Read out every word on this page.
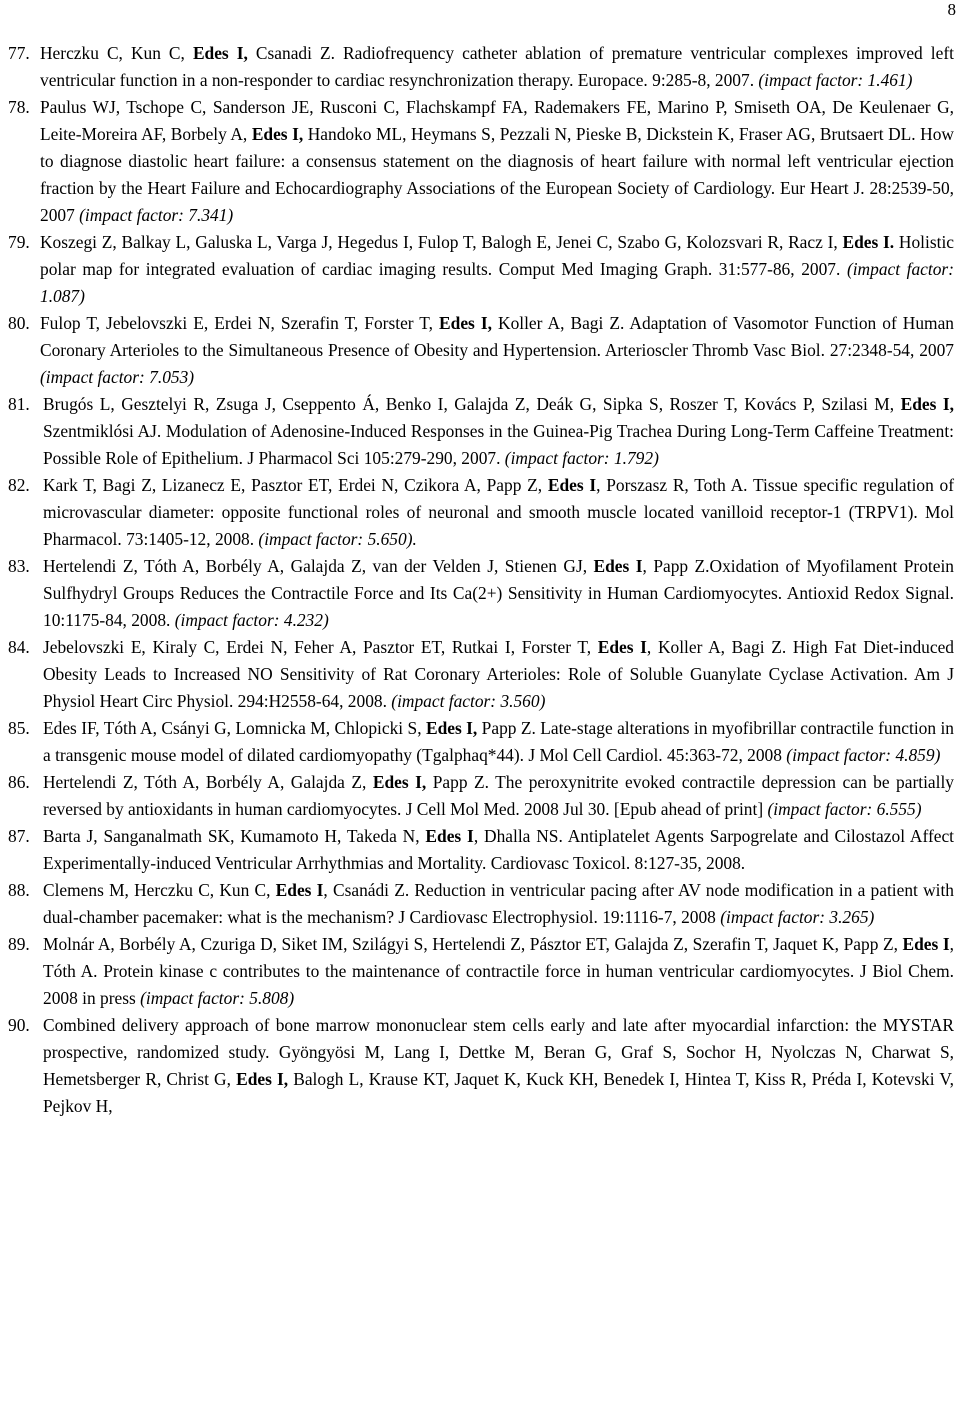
8
77. Herczku C, Kun C, Edes I, Csanadi Z. Radiofrequency catheter ablation of premature ventricular complexes improved left ventricular function in a non-responder to cardiac resynchronization therapy. Europace. 9:285-8, 2007. (impact factor: 1.461)
78. Paulus WJ, Tschope C, Sanderson JE, Rusconi C, Flachskampf FA, Rademakers FE, Marino P, Smiseth OA, De Keulenaer G, Leite-Moreira AF, Borbely A, Edes I, Handoko ML, Heymans S, Pezzali N, Pieske B, Dickstein K, Fraser AG, Brutsaert DL. How to diagnose diastolic heart failure: a consensus statement on the diagnosis of heart failure with normal left ventricular ejection fraction by the Heart Failure and Echocardiography Associations of the European Society of Cardiology. Eur Heart J. 28:2539-50, 2007 (impact factor: 7.341)
79. Koszegi Z, Balkay L, Galuska L, Varga J, Hegedus I, Fulop T, Balogh E, Jenei C, Szabo G, Kolozsvari R, Racz I, Edes I. Holistic polar map for integrated evaluation of cardiac imaging results. Comput Med Imaging Graph. 31:577-86, 2007. (impact factor: 1.087)
80. Fulop T, Jebelovszki E, Erdei N, Szerafin T, Forster T, Edes I, Koller A, Bagi Z. Adaptation of Vasomotor Function of Human Coronary Arterioles to the Simultaneous Presence of Obesity and Hypertension. Arterioscler Thromb Vasc Biol. 27:2348-54, 2007 (impact factor: 7.053)
81. Brugós L, Gesztelyi R, Zsuga J, Cseppento Á, Benko I, Galajda Z, Deák G, Sipka S, Roszer T, Kovács P, Szilasi M, Edes I, Szentmiklósi AJ. Modulation of Adenosine-Induced Responses in the Guinea-Pig Trachea During Long-Term Caffeine Treatment: Possible Role of Epithelium. J Pharmacol Sci 105:279-290, 2007. (impact factor: 1.792)
82. Kark T, Bagi Z, Lizanecz E, Pasztor ET, Erdei N, Czikora A, Papp Z, Edes I, Porszasz R, Toth A. Tissue specific regulation of microvascular diameter: opposite functional roles of neuronal and smooth muscle located vanilloid receptor-1 (TRPV1). Mol Pharmacol. 73:1405-12, 2008. (impact factor: 5.650).
83. Hertelendi Z, Tóth A, Borbély A, Galajda Z, van der Velden J, Stienen GJ, Edes I, Papp Z.Oxidation of Myofilament Protein Sulfhydryl Groups Reduces the Contractile Force and Its Ca(2+) Sensitivity in Human Cardiomyocytes. Antioxid Redox Signal. 10:1175-84, 2008. (impact factor: 4.232)
84. Jebelovszki E, Kiraly C, Erdei N, Feher A, Pasztor ET, Rutkai I, Forster T, Edes I, Koller A, Bagi Z. High Fat Diet-induced Obesity Leads to Increased NO Sensitivity of Rat Coronary Arterioles: Role of Soluble Guanylate Cyclase Activation. Am J Physiol Heart Circ Physiol. 294:H2558-64, 2008. (impact factor: 3.560)
85. Edes IF, Tóth A, Csányi G, Lomnicka M, Chlopicki S, Edes I, Papp Z. Late-stage alterations in myofibrillar contractile function in a transgenic mouse model of dilated cardiomyopathy (Tgalphaq*44). J Mol Cell Cardiol. 45:363-72, 2008 (impact factor: 4.859)
86. Hertelendi Z, Tóth A, Borbély A, Galajda Z, Edes I, Papp Z. The peroxynitrite evoked contractile depression can be partially reversed by antioxidants in human cardiomyocytes. J Cell Mol Med. 2008 Jul 30. [Epub ahead of print] (impact factor: 6.555)
87. Barta J, Sanganalmath SK, Kumamoto H, Takeda N, Edes I, Dhalla NS. Antiplatelet Agents Sarpogrelate and Cilostazol Affect Experimentally-induced Ventricular Arrhythmias and Mortality. Cardiovasc Toxicol. 8:127-35, 2008.
88. Clemens M, Herczku C, Kun C, Edes I, Csanádi Z. Reduction in ventricular pacing after AV node modification in a patient with dual-chamber pacemaker: what is the mechanism? J Cardiovasc Electrophysiol. 19:1116-7, 2008 (impact factor: 3.265)
89. Molnár A, Borbély A, Czuriga D, Siket IM, Szilágyi S, Hertelendi Z, Pásztor ET, Galajda Z, Szerafin T, Jaquet K, Papp Z, Edes I, Tóth A. Protein kinase c contributes to the maintenance of contractile force in human ventricular cardiomyocytes. J Biol Chem. 2008 in press (impact factor: 5.808)
90. Combined delivery approach of bone marrow mononuclear stem cells early and late after myocardial infarction: the MYSTAR prospective, randomized study. Gyöngyösi M, Lang I, Dettke M, Beran G, Graf S, Sochor H, Nyolczas N, Charwat S, Hemetsberger R, Christ G, Edes I, Balogh L, Krause KT, Jaquet K, Kuck KH, Benedek I, Hintea T, Kiss R, Préda I, Kotevski V, Pejkov H,
